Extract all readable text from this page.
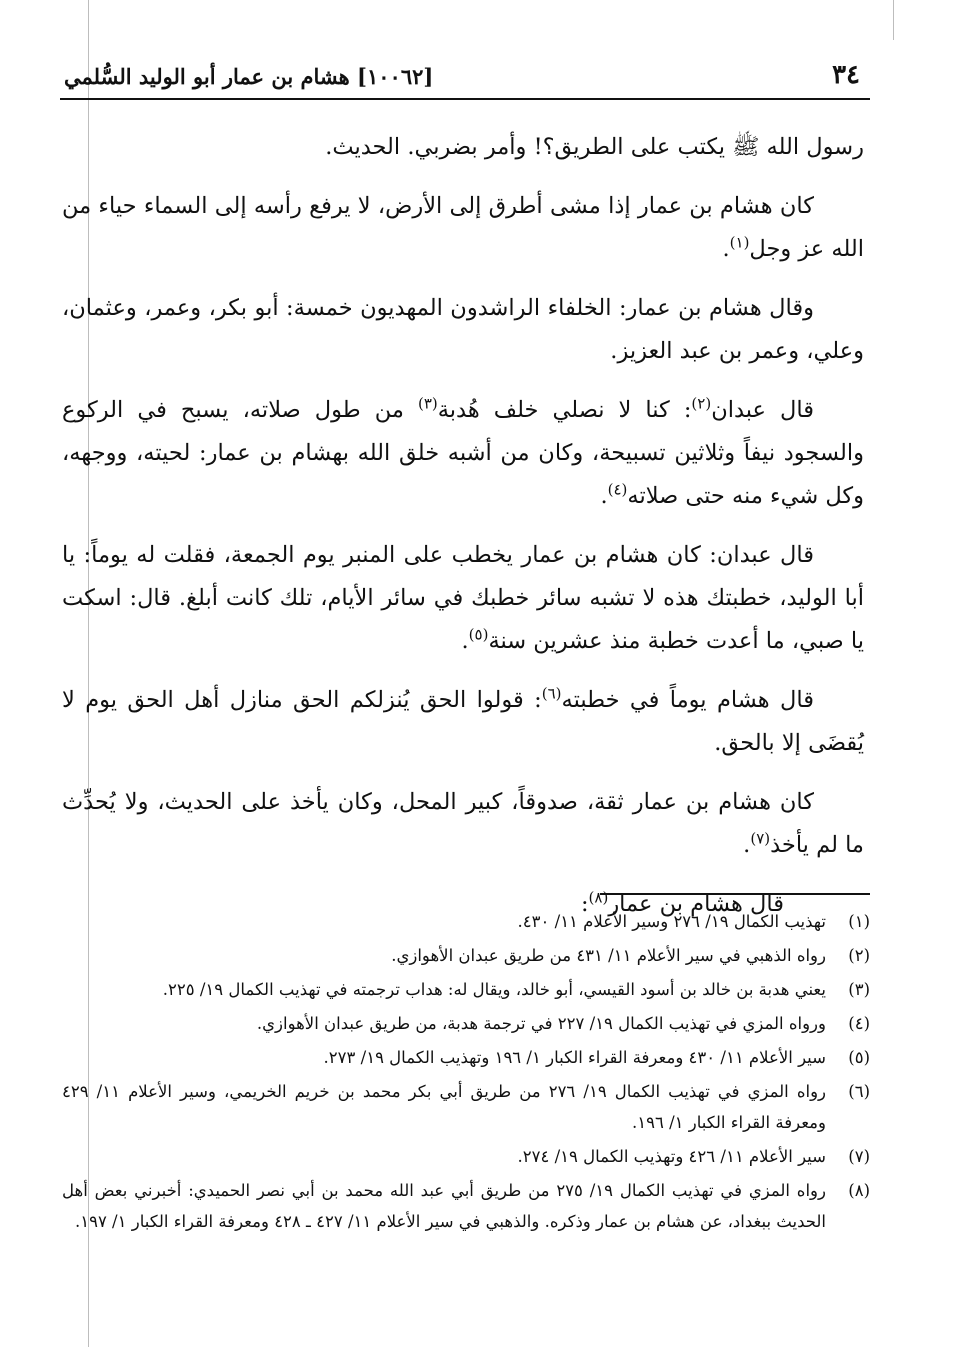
٣٤
[١٠٠٦٢] هشام بن عمار أبو الوليد السُّلمي

رسول الله ﷺ يكتب على الطريق؟! وأمر بضربي. الحديث.

كان هشام بن عمار إذا مشى أطرق إلى الأرض، لا يرفع رأسه إلى السماء حياء من الله عز وجل$^{(١)}$.

وقال هشام بن عمار: الخلفاء الراشدون المهديون خمسة: أبو بكر، وعمر، وعثمان، وعلي، وعمر بن عبد العزيز.

قال عبدان$^{(٢)}$: كنا لا نصلي خلف هُدبة$^{(٣)}$ من طول صلاته، يسبح في الركوع والسجود نيفاً وثلاثين تسبيحة، وكان من أشبه خلق الله بهشام بن عمار: لحيته، ووجهه، وكل شيء منه حتى صلاته$^{(٤)}$.

قال عبدان: كان هشام بن عمار يخطب على المنبر يوم الجمعة، فقلت له يوماً: يا أبا الوليد، خطبتك هذه لا تشبه سائر خطبك في سائر الأيام، تلك كانت أبلغ. قال: اسكت يا صبي، ما أعدت خطبة منذ عشرين سنة$^{(٥)}$.

قال هشام يوماً في خطبته$^{(٦)}$: قولوا الحق يُنزلكم الحق منازل أهل الحق يوم لا يُقضَى إلا بالحق.

كان هشام بن عمار ثقة، صدوقاً، كبير المحل، وكان يأخذ على الحديث، ولا يُحدِّث ما لم يأخذ$^{(٧)}$.

قال هشام بن عمار$^{(٨)}$:

(١)
تهذيب الكمال ١٩/ ٢٧٦ وسير الأعلام ١١/ ٤٣٠.
(٢)
رواه الذهبي في سير الأعلام ١١/ ٤٣١ من طريق عبدان الأهوازي.
(٣)
يعني هدبة بن خالد بن أسود القيسي، أبو خالد، ويقال له: هداب ترجمته في تهذيب الكمال ١٩/ ٢٢٥.
(٤)
ورواه المزي في تهذيب الكمال ١٩/ ٢٢٧ في ترجمة هدبة، من طريق عبدان الأهوازي.
(٥)
سير الأعلام ١١/ ٤٣٠ ومعرفة القراء الكبار ١/ ١٩٦ وتهذيب الكمال ١٩/ ٢٧٣.
(٦)
رواه المزي في تهذيب الكمال ١٩/ ٢٧٦ من طريق أبي بكر محمد بن خريم الخريمي، وسير الأعلام ١١/ ٤٢٩ ومعرفة القراء الكبار ١/ ١٩٦.
(٧)
سير الأعلام ١١/ ٤٢٦ وتهذيب الكمال ١٩/ ٢٧٤.
(٨)
رواه المزي في تهذيب الكمال ١٩/ ٢٧٥ من طريق أبي عبد الله محمد بن أبي نصر الحميدي: أخبرني بعض أهل الحديث ببغداد، عن هشام بن عمار وذكره. والذهبي في سير الأعلام ١١/ ٤٢٧ ـ ٤٢٨ ومعرفة القراء الكبار ١/ ١٩٧.
